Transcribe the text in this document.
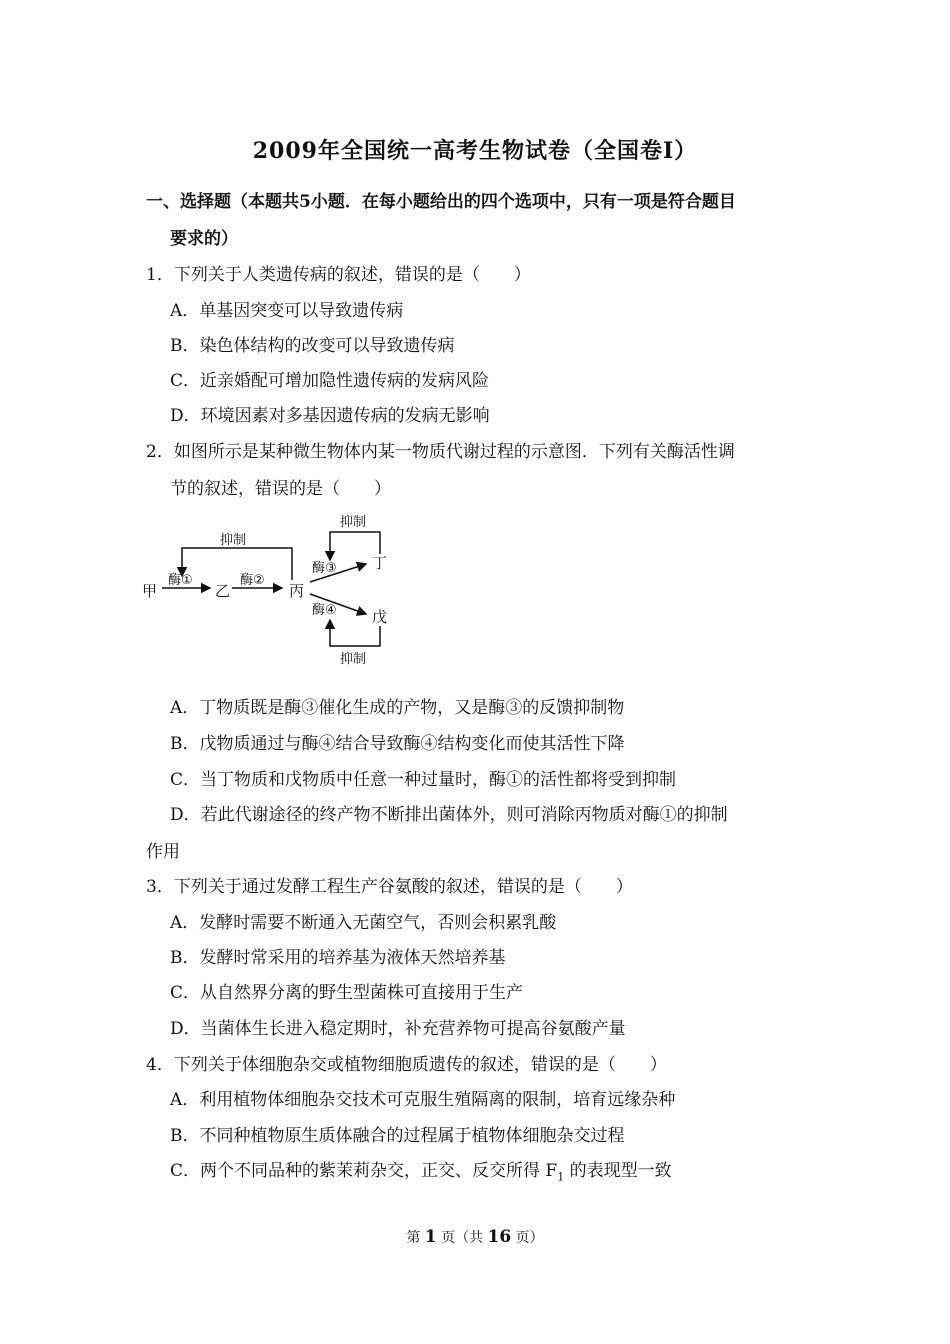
2009年全国统一高考生物试卷（全国卷Ⅰ）
一、选择题（本题共5小题．在每小题给出的四个选项中，只有一项是符合题目
要求的）
1．下列关于人类遗传病的叙述，错误的是（　　）
A．单基因突变可以导致遗传病
B．染色体结构的改变可以导致遗传病
C．近亲婚配可增加隐性遗传病的发病风险
D．环境因素对多基因遗传病的发病无影响
2．如图所示是某种微生物体内某一物质代谢过程的示意图．下列有关酶活性调
节的叙述，错误的是（　　）
抑制
甲
酶①
乙
酶②
丙
酶③
酶④
丁
戊
抑制
抑制
A．丁物质既是酶③催化生成的产物，又是酶③的反馈抑制物
B．戊物质通过与酶④结合导致酶④结构变化而使其活性下降
C．当丁物质和戊物质中任意一种过量时，酶①的活性都将受到抑制
D．若此代谢途径的终产物不断排出菌体外，则可消除丙物质对酶①的抑制
作用
3．下列关于通过发酵工程生产谷氨酸的叙述，错误的是（　　）
A．发酵时需要不断通入无菌空气，否则会积累乳酸
B．发酵时常采用的培养基为液体天然培养基
C．从自然界分离的野生型菌株可直接用于生产
D．当菌体生长进入稳定期时，补充营养物可提高谷氨酸产量
4．下列关于体细胞杂交或植物细胞质遗传的叙述，错误的是（　　）
A．利用植物体细胞杂交技术可克服生殖隔离的限制，培育远缘杂种
B．不同种植物原生质体融合的过程属于植物体细胞杂交过程
C．两个不同品种的紫茉莉杂交，正交、反交所得 $F_1$ 的表现型一致
第 1 页（共 16 页）
